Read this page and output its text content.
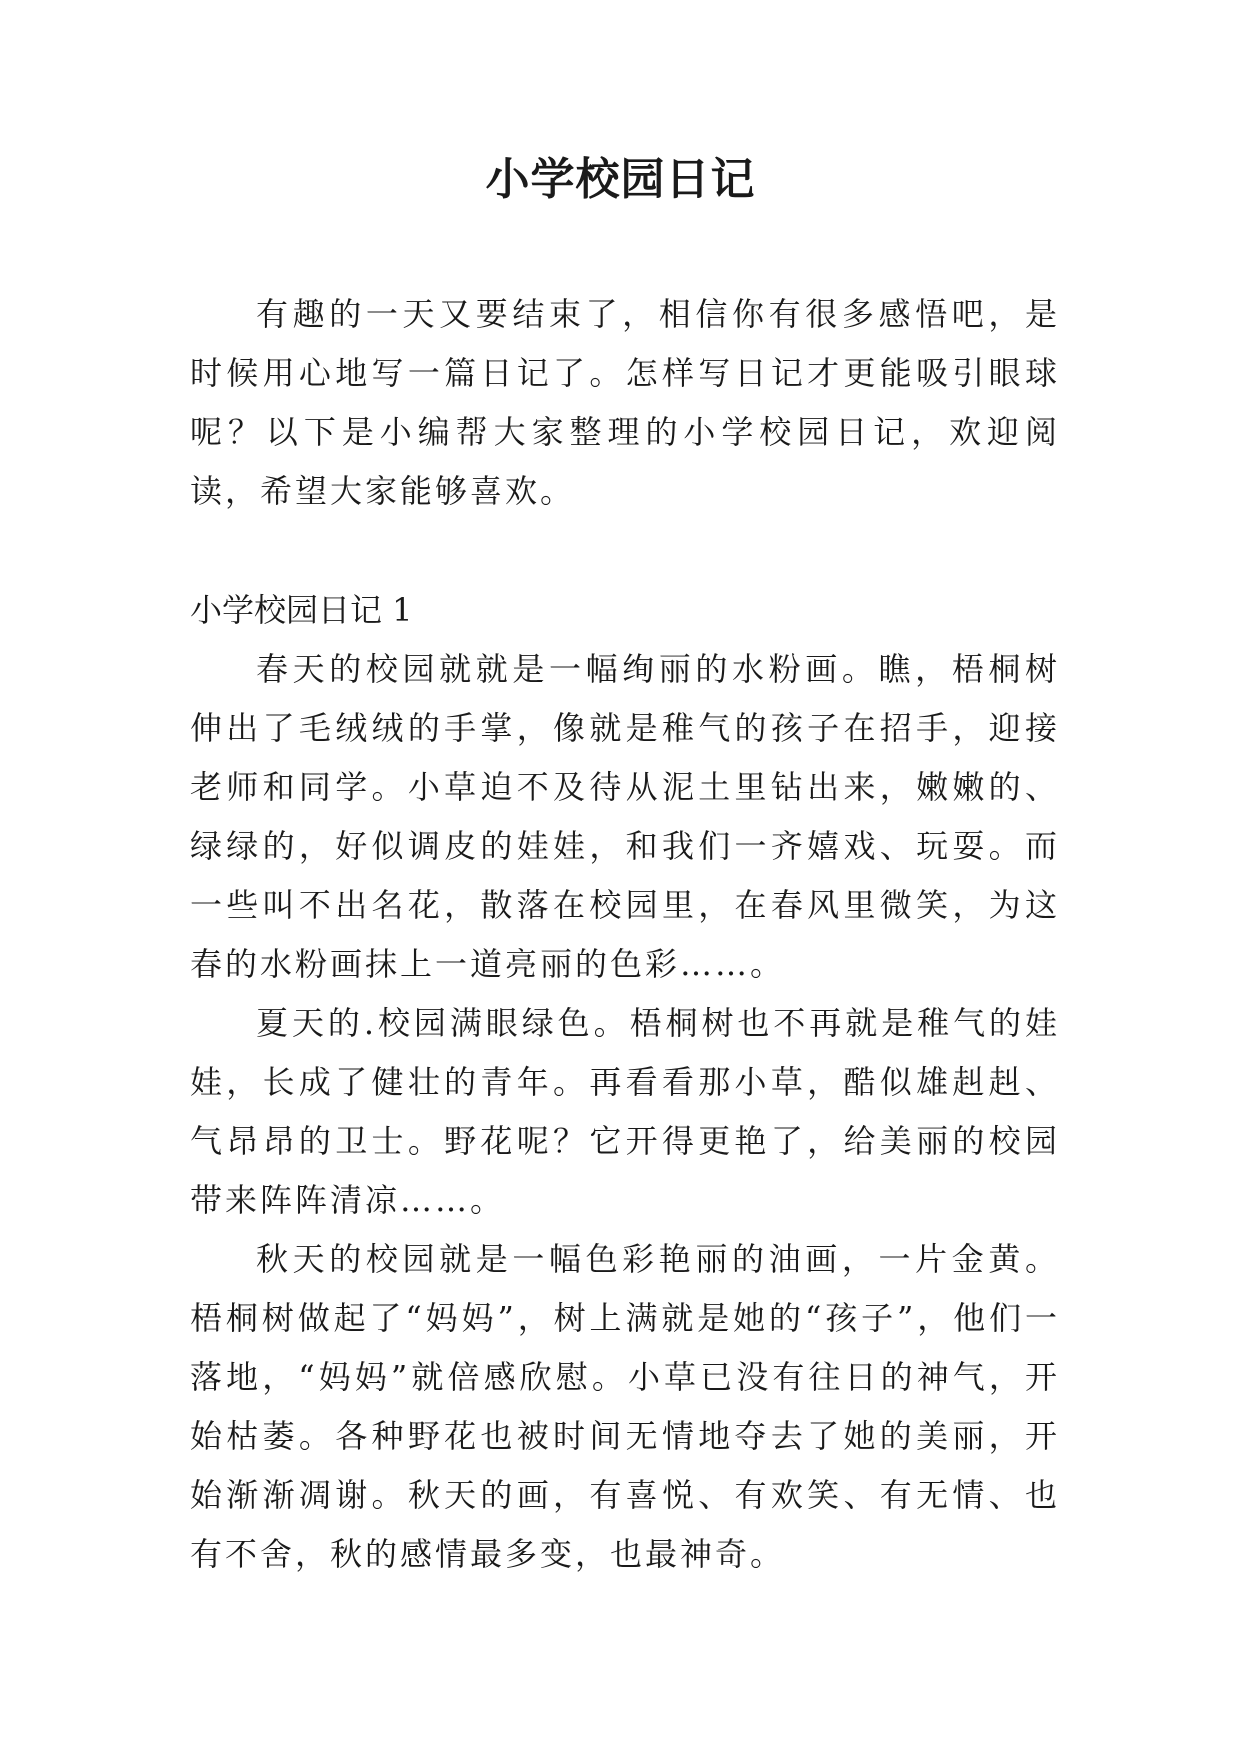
小学校园日记

有趣的一天又要结束了，相信你有很多感悟吧，是时候用心地写一篇日记了。怎样写日记才更能吸引眼球呢？以下是小编帮大家整理的小学校园日记，欢迎阅读，希望大家能够喜欢。

小学校园日记 1

春天的校园就就是一幅绚丽的水粉画。瞧，梧桐树伸出了毛绒绒的手掌，像就是稚气的孩子在招手，迎接老师和同学。小草迫不及待从泥土里钻出来，嫩嫩的、绿绿的，好似调皮的娃娃，和我们一齐嬉戏、玩耍。而一些叫不出名花，散落在校园里，在春风里微笑，为这春的水粉画抹上一道亮丽的色彩……。

夏天的.校园满眼绿色。梧桐树也不再就是稚气的娃娃，长成了健壮的青年。再看看那小草，酷似雄赳赳、气昂昂的卫士。野花呢？它开得更艳了，给美丽的校园带来阵阵清凉……。

秋天的校园就是一幅色彩艳丽的油画，一片金黄。梧桐树做起了“妈妈”，树上满就是她的“孩子”，他们一落地，“妈妈”就倍感欣慰。小草已没有往日的神气，开始枯萎。各种野花也被时间无情地夺去了她的美丽，开始渐渐凋谢。秋天的画，有喜悦、有欢笑、有无情、也有不舍，秋的感情最多变，也最神奇。
